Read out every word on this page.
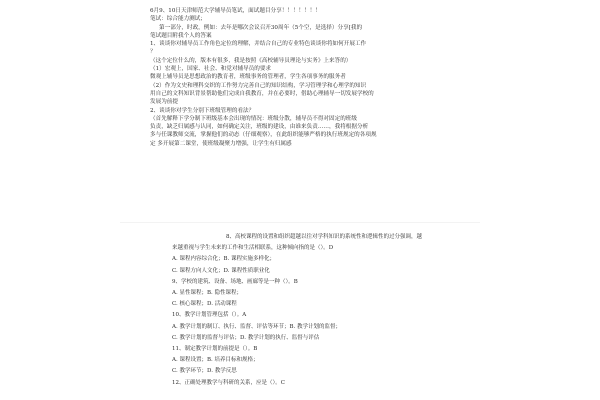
6月9、10日天津师范大学辅导员笔试，面试题目分享！！！！！！！
笔试：综合能力测试；
第一部分，时政，例如：去年是哪次会议召开30周年（5个空，是选择）分享[我的
笔试题目附我个人的答案
1、谈谈你对辅导员工作角色定位的理解，并结合自己的专业特色谈谈你将如何开展工作
？
（这个定位什么的，版本有很多，我是按照《高校辅导员理论与实务》上来答的）
（1）宏观上，国家、社会、和党对辅导员的要求
微观上辅导员是思想政治的教育者，班级事务的管理者，学生各项事务的服务者
（2）作为文史和理科交织的工作努力完善自己的知识结构，学习管理学和心理学的知识
用自己的文科知识背景帮助他们完成自我教育，并在必要时，借助心理辅导一切发展学校的
发展为前提
2、谈谈你对学生分别下班级管理的看法？
（首先解释下学分制下班级基本会出现的情况：班级分散，辅导员不得对固定的班级
负责，缺乏归属感与认同，如何确定关注，班级的建设，由谁来负责……，我将根据分析
多与任课教师交流，掌握他们的动态（仔细观察），在此组织能够严格的执行班规定的各项规
定 多开展第二课堂，使班级凝聚力增强，让学生有归属感
8、高校课程的设置和组织超越以往对学科知识的系统性和逻辑性的过分强调，越
来越重视与学生未来的工作和生活相联系，这种倾向指的是（）。D
A. 课程内容综合化；B. 课程实施多样化；
C. 课程方向人文化；D. 课程性质职业化
9、学校的建筑、设备、场地、画廊等是一种（）。B
A. 显性课程；B. 隐性课程；
C. 核心课程；D. 活动课程
10、教学计划管理包括（）。A
A. 教学计划的制订、执行、监督、评估等环节；B. 教学计划的监督；
C. 教学计划的监督与评估；D. 教学计划的执行、监督与评估
11、制定教学计划的前提是（）。B
A. 课程设置；B. 培养目标和规格；
C. 教学环节；D. 教学反思
12、正确处理教学与科研的关系，应是（）。C
